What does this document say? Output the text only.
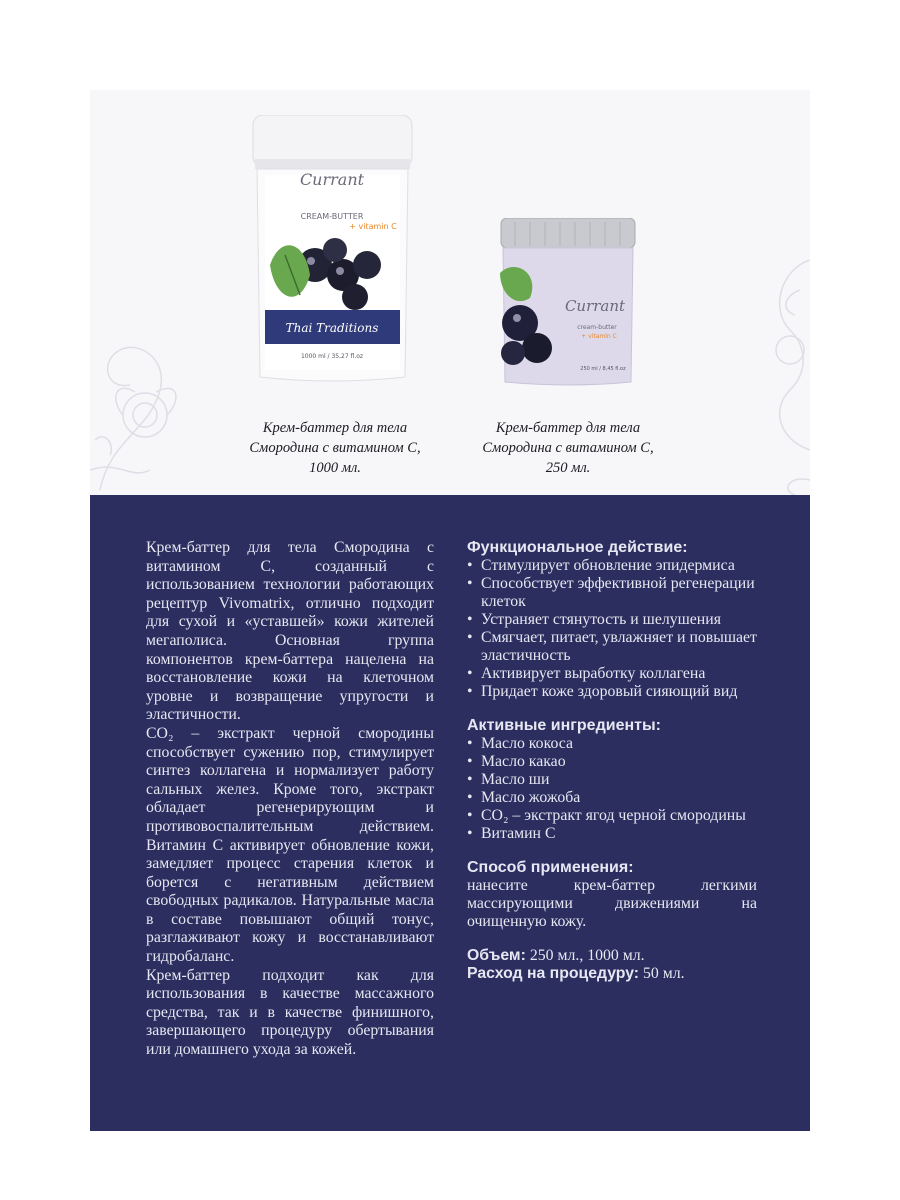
Currant
CREAM-BUTTER
+ vitamin C
Thai Traditions
1000 ml / 35,27 fl.oz
Currant
cream-butter
+ vitamin C
250 ml / 8,45 fl.oz
Крем-баттер для тела
Смородина с витамином С,
1000 мл.
Крем-баттер для тела
Смородина с витамином С,
250 мл.

Крем-баттер для тела Смородина с витамином С, созданный с использованием технологии работающих рецептур Vivomatrix, отлично подходит для сухой и «уставшей» кожи жителей мегаполиса. Основная группа компонентов крем-баттера нацелена на восстановление кожи на клеточном уровне и возвращение упругости и эластичности.

CO₂ – экстракт черной смородины способствует сужению пор, стимулирует синтез коллагена и нормализует работу сальных желез. Кроме того, экстракт обладает регенерирующим и противовоспалительным действием. Витамин С активирует обновление кожи, замедляет процесс старения клеток и борется с негативным действием свободных радикалов. Натуральные масла в составе повышают общий тонус, разглаживают кожу и восстанавливают гидробаланс.

Крем-баттер подходит как для использования в качестве массажного средства, так и в качестве финишного, завершающего процедуру обертывания или домашнего ухода за кожей.

Функциональное действие:

• Стимулирует обновление эпидермиса
• Способствует эффективной регенерации клеток
• Устраняет стянутость и шелушения
• Смягчает, питает, увлажняет и повышает эластичность
• Активирует выработку коллагена
• Придает коже здоровый сияющий вид

Активные ингредиенты:

• Масло кокоса
• Масло какао
• Масло ши
• Масло жожоба
• CO₂ – экстракт ягод черной смородины
• Витамин С

Способ применения:

нанесите крем-баттер легкими массирующими движениями на очищенную кожу.

Объем: 250 мл., 1000 мл.

Расход на процедуру: 50 мл.
